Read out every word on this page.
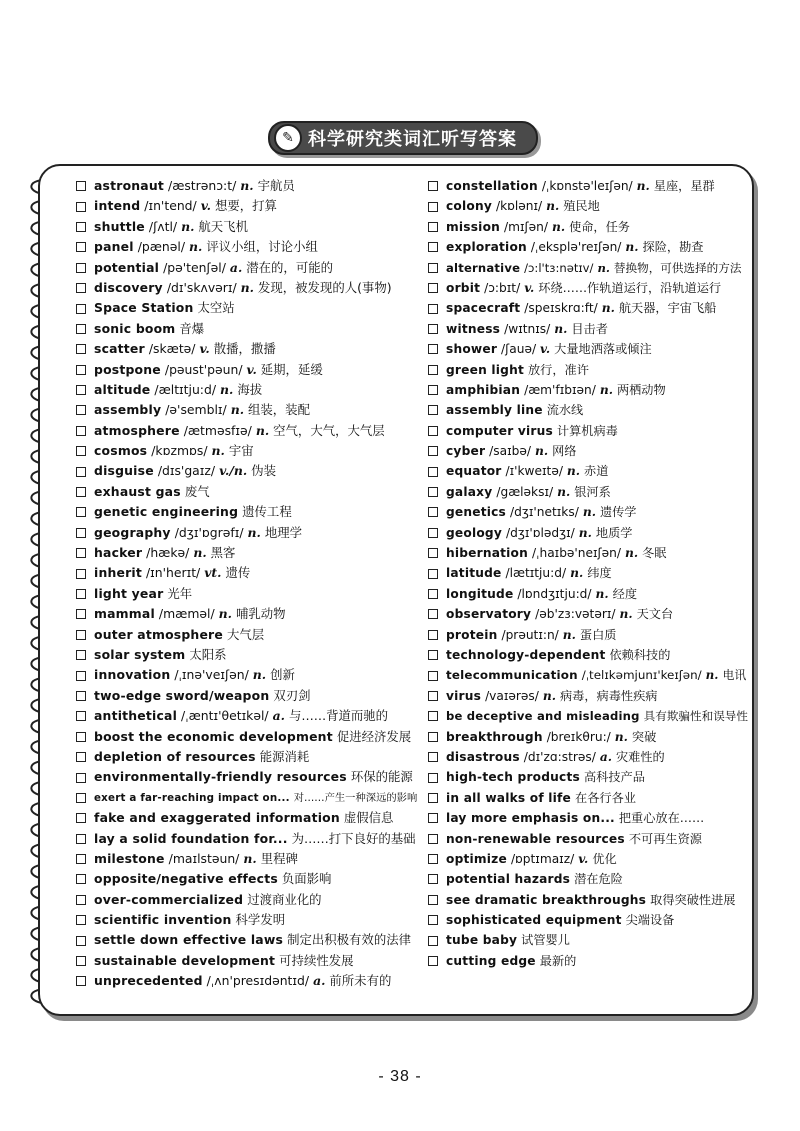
✎ 科学研究类词汇听写答案
astronaut /æstrənɔ:t/ n. 宇航员
intend /ɪn'tend/ v. 想要，打算
shuttle /ʃʌtl/ n. 航天飞机
panel /pænəl/ n. 评议小组，讨论小组
potential /pə'tenʃəl/ a. 潜在的，可能的
discovery /dɪ'skʌvərɪ/ n. 发现，被发现的人(事物)
Space Station 太空站
sonic boom 音爆
scatter /skætə/ v. 散播，撒播
postpone /pəust'pəun/ v. 延期，延缓
altitude /æltɪtju:d/ n. 海拔
assembly /ə'semblɪ/ n. 组装，装配
atmosphere /ætməsfɪə/ n. 空气，大气，大气层
cosmos /kɒzmɒs/ n. 宇宙
disguise /dɪs'gaɪz/ v./n. 伪装
exhaust gas 废气
genetic engineering 遗传工程
geography /dʒɪ'ɒgrəfɪ/ n. 地理学
hacker /hækə/ n. 黑客
inherit /ɪn'herɪt/ vt. 遗传
light year 光年
mammal /mæməl/ n. 哺乳动物
outer atmosphere 大气层
solar system 太阳系
innovation /ˌɪnə'veɪʃən/ n. 创新
two-edge sword/weapon 双刃剑
antithetical /ˌæntɪ'θetɪkəl/ a. 与……背道而驰的
boost the economic development 促进经济发展
depletion of resources 能源消耗
environmentally-friendly resources 环保的能源
exert a far-reaching impact on... 对……产生一种深远的影响
fake and exaggerated information 虚假信息
lay a solid foundation for... 为……打下良好的基础
milestone /maɪlstəun/ n. 里程碑
opposite/negative effects 负面影响
over-commercialized 过渡商业化的
scientific invention 科学发明
settle down effective laws 制定出积极有效的法律
sustainable development 可持续性发展
unprecedented /ˌʌn'presɪdəntɪd/ a. 前所未有的
constellation /ˌkɒnstə'leɪʃən/ n. 星座，星群
colony /kɒlənɪ/ n. 殖民地
mission /mɪʃən/ n. 使命，任务
exploration /ˌeksplə'reɪʃən/ n. 探险，勘查
alternative /ɔ:l'tɜ:nətɪv/ n. 替换物，可供选择的方法
orbit /ɔ:bɪt/ v. 环绕……作轨道运行，沿轨道运行
spacecraft /speɪskrɑ:ft/ n. 航天器，宇宙飞船
witness /wɪtnɪs/ n. 目击者
shower /ʃauə/ v. 大量地洒落或倾注
green light 放行，准许
amphibian /æm'fɪbɪən/ n. 两栖动物
assembly line 流水线
computer virus 计算机病毒
cyber /saɪbə/ n. 网络
equator /ɪ'kweɪtə/ n. 赤道
galaxy /gæləksɪ/ n. 银河系
genetics /dʒɪ'netɪks/ n. 遗传学
geology /dʒɪ'ɒlədʒɪ/ n. 地质学
hibernation /ˌhaɪbə'neɪʃən/ n. 冬眠
latitude /lætɪtju:d/ n. 纬度
longitude /lɒndʒɪtju:d/ n. 经度
observatory /əb'zɜ:vətərɪ/ n. 天文台
protein /prəutɪ:n/ n. 蛋白质
technology-dependent 依赖科技的
telecommunication /ˌtelɪkəmjunɪ'keɪʃən/ n. 电讯
virus /vaɪərəs/ n. 病毒，病毒性疾病
be deceptive and misleading 具有欺骗性和误导性
breakthrough /breɪkθru:/ n. 突破
disastrous /dɪ'zɑ:strəs/ a. 灾难性的
high-tech products 高科技产品
in all walks of life 在各行各业
lay more emphasis on... 把重心放在……
non-renewable resources 不可再生资源
optimize /ɒptɪmaɪz/ v. 优化
potential hazards 潜在危险
see dramatic breakthroughs 取得突破性进展
sophisticated equipment 尖端设备
tube baby 试管婴儿
cutting edge 最新的
- 38 -
